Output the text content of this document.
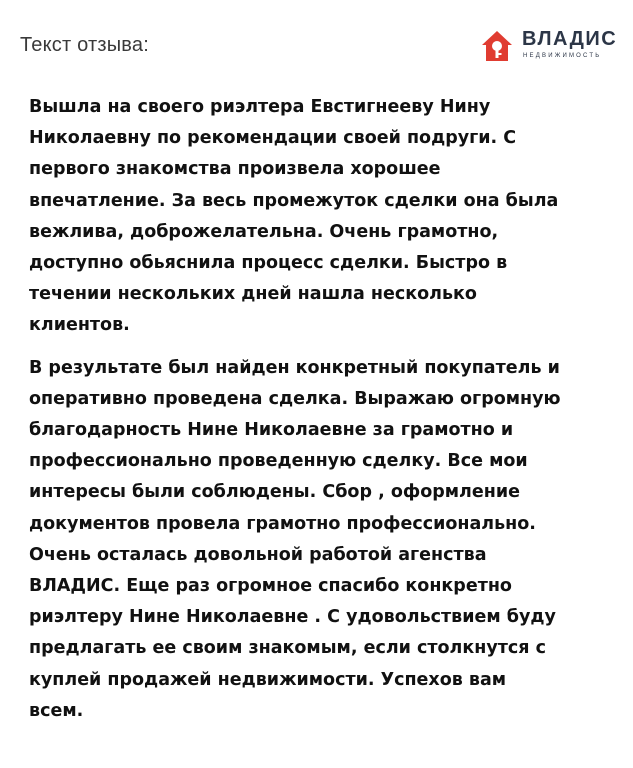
Текст отзыва:	ВЛАДИС
НЕДВИЖИМОСТЬ

Вышла на своего риэлтера Евстигнееву Нину
Николаевну по рекомендации своей подруги. С
первого знакомства произвела хорошее
впечатление. За весь промежуток сделки она была
вежлива, доброжелательна. Очень грамотно,
доступно обьяснила процесс сделки. Быстро в
течении нескольких дней нашла несколько
клиентов.

В результате был найден конкретный покупатель и
оперативно проведена сделка. Выражаю огромную
благодарность Нине Николаевне за грамотно и
профессионально проведенную сделку. Все мои
интересы были соблюдены. Сбор , оформление
документов провела грамотно профессионально.
Очень осталась довольной работой агенства
ВЛАДИС. Еще раз огромное спасибо конкретно
риэлтеру Нине Николаевне . С удовольствием буду
предлагать ее своим знакомым, если столкнутся с
куплей продажей недвижимости. Успехов вам
всем.
